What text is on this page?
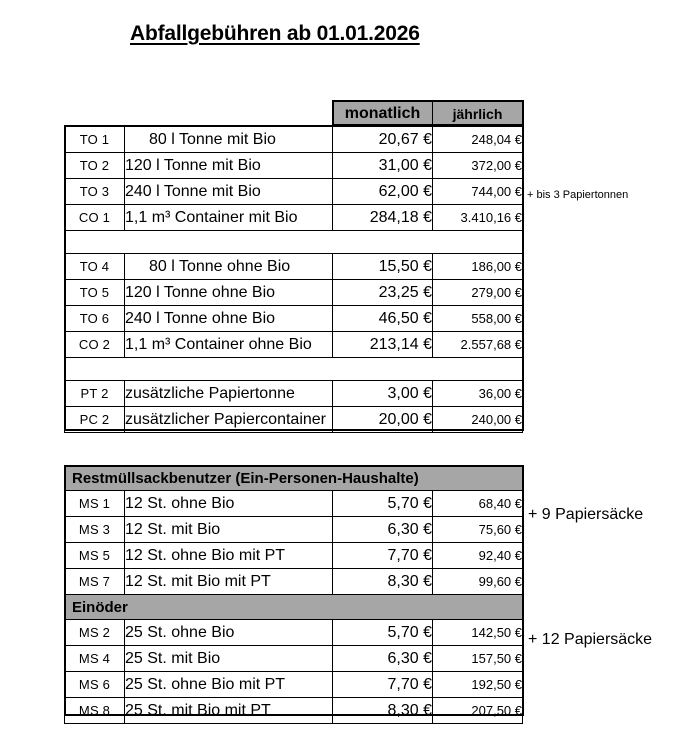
Abfallgebühren ab 01.01.2026
		monatlich	jährlich
TO 1	80 l Tonne mit Bio	20,67 €	248,04 €
TO 2	120 l Tonne mit Bio	31,00 €	372,00 €
TO 3	240 l Tonne mit Bio	62,00 €	744,00 €
CO 1	1,1 m³ Container mit Bio	284,18 €	3.410,16 €

TO 4	80 l Tonne ohne Bio	15,50 €	186,00 €
TO 5	120 l Tonne ohne Bio	23,25 €	279,00 €
TO 6	240 l Tonne ohne Bio	46,50 €	558,00 €
CO 2	1,1 m³ Container ohne Bio	213,14 €	2.557,68 €

PT 2	zusätzliche Papiertonne	3,00 €	36,00 €
PC 2	zusätzlicher Papiercontainer	20,00 €	240,00 €
+ bis 3 Papiertonnen
Restmüllsackbenutzer (Ein-Personen-Haushalte)			
MS 1	12 St. ohne Bio	5,70 €	68,40 €
MS 3	12 St. mit Bio	6,30 €	75,60 €
MS 5	12 St. ohne Bio mit PT	7,70 €	92,40 €
MS 7	12 St. mit Bio mit PT	8,30 €	99,60 €
Einöder			
MS 2	25 St. ohne Bio	5,70 €	142,50 €
MS 4	25 St. mit Bio	6,30 €	157,50 €
MS 6	25 St. ohne Bio mit PT	7,70 €	192,50 €
MS 8	25 St. mit Bio mit PT	8,30 €	207,50 €
+ 9 Papiersäcke
+ 12 Papiersäcke
